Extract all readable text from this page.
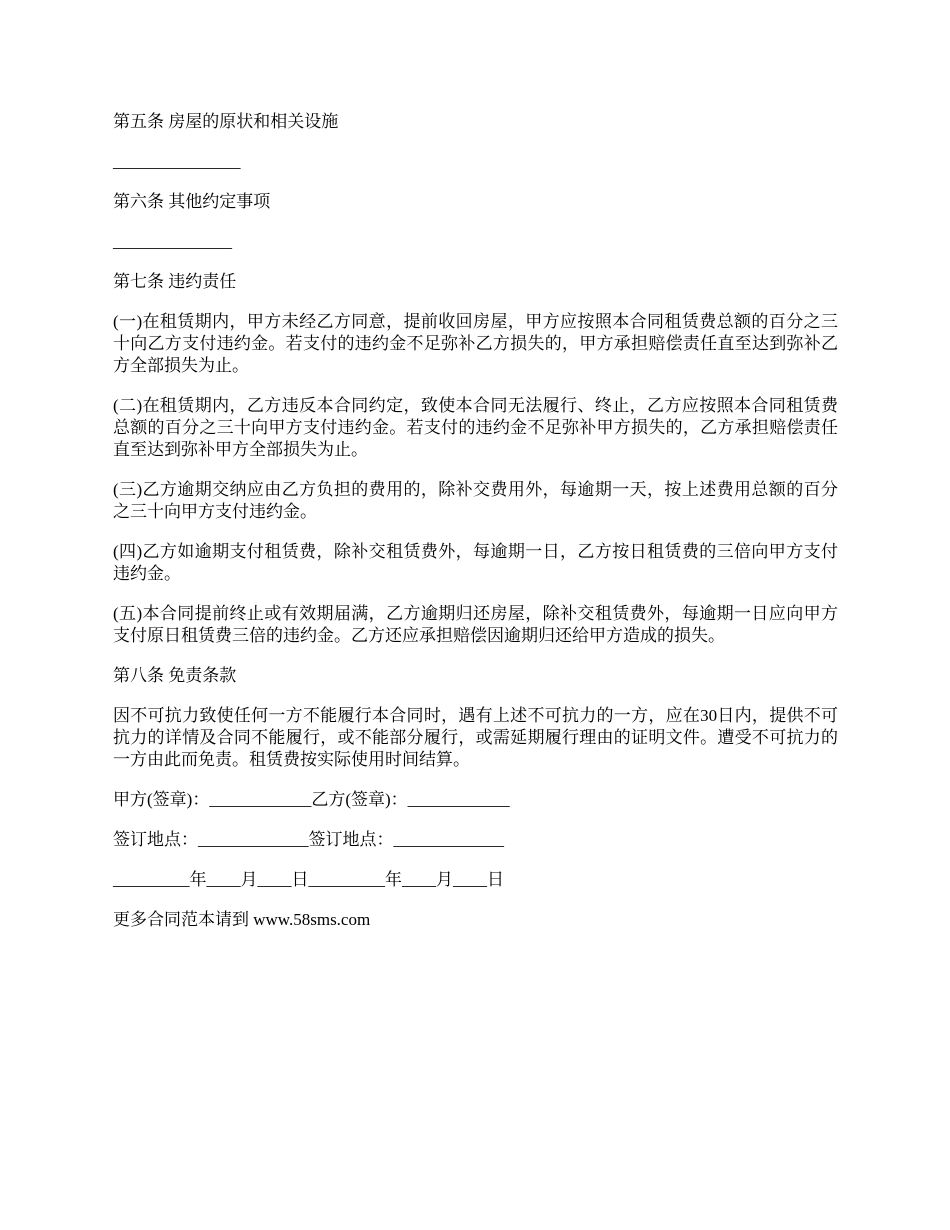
第五条 房屋的原状和相关设施

_______________

第六条 其他约定事项

______________

第七条 违约责任

(一)在租赁期内，甲方未经乙方同意，提前收回房屋，甲方应按照本合同租赁费总额的百分之三十向乙方支付违约金。若支付的违约金不足弥补乙方损失的，甲方承担赔偿责任直至达到弥补乙方全部损失为止。

(二)在租赁期内，乙方违反本合同约定，致使本合同无法履行、终止，乙方应按照本合同租赁费总额的百分之三十向甲方支付违约金。若支付的违约金不足弥补甲方损失的，乙方承担赔偿责任直至达到弥补甲方全部损失为止。

(三)乙方逾期交纳应由乙方负担的费用的，除补交费用外，每逾期一天，按上述费用总额的百分之三十向甲方支付违约金。

(四)乙方如逾期支付租赁费，除补交租赁费外，每逾期一日，乙方按日租赁费的三倍向甲方支付违约金。

(五)本合同提前终止或有效期届满，乙方逾期归还房屋，除补交租赁费外，每逾期一日应向甲方支付原日租赁费三倍的违约金。乙方还应承担赔偿因逾期归还给甲方造成的损失。

第八条 免责条款

因不可抗力致使任何一方不能履行本合同时，遇有上述不可抗力的一方，应在30日内，提供不可抗力的详情及合同不能履行，或不能部分履行，或需延期履行理由的证明文件。遭受不可抗力的一方由此而免责。租赁费按实际使用时间结算。

甲方(签章)：____________乙方(签章)：____________

签订地点：_____________签订地点：_____________

_________年____月____日_________年____月____日

更多合同范本请到 www.58sms.com
